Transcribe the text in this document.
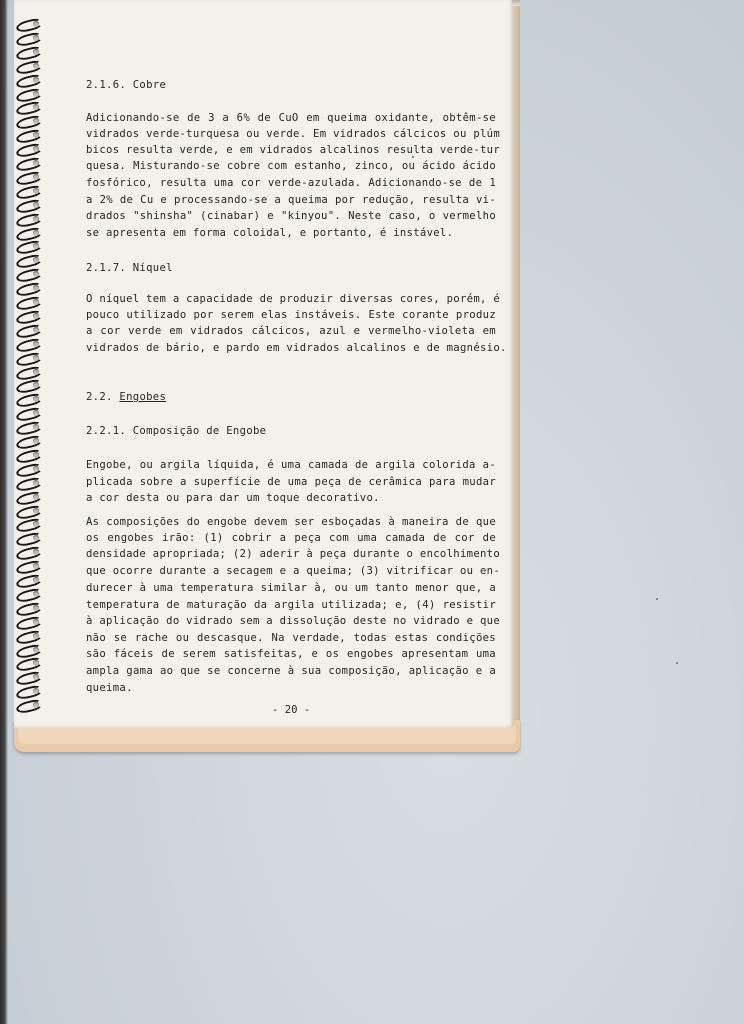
2.1.6. Cobre
Adicionando-se de 3 a 6% de CuO em queima oxidante, obtêm-se
vidrados verde-turquesa ou verde. Em vidrados cálcicos ou plúm
bicos resulta verde, e em vidrados alcalinos resulta verde-tur
quesa. Misturando-se cobre com estanho, zinco, ou ácido ácido
fosfórico, resulta uma cor verde-azulada. Adicionando-se de 1
a 2% de Cu e processando-se a queima por redução, resulta vi-
drados "shinsha" (cinabar) e "kinyou". Neste caso, o vermelho
se apresenta em forma coloidal, e portanto, é instável.
2.1.7. Níquel
O níquel tem a capacidade de produzir diversas cores, porém, é
pouco utilizado por serem elas instáveis. Este corante produz
a cor verde em vidrados cálcicos, azul e vermelho-violeta em
vidrados de bário, e pardo em vidrados alcalinos e de magnésio.
2.2. Engobes
2.2.1. Composição de Engobe
Engobe, ou argila líquida, é uma camada de argila colorida a-
plicada sobre a superfície de uma peça de cerâmica para mudar
a cor desta ou para dar um toque decorativo.
As composições do engobe devem ser esboçadas à maneira de que
os engobes irão: (1) cobrir a peça com uma camada de cor de
densidade apropriada; (2) aderir à peça durante o encolhimento
que ocorre durante a secagem e a queima; (3) vitrificar ou en-
durecer à uma temperatura similar à, ou um tanto menor que, a
temperatura de maturação da argila utilizada; e, (4) resistir
à aplicação do vidrado sem a dissolução deste no vidrado e que
não se rache ou descasque. Na verdade, todas estas condições
são fáceis de serem satisfeitas, e os engobes apresentam uma
ampla gama ao que se concerne à sua composição, aplicação e a
queima.
- 20 -
